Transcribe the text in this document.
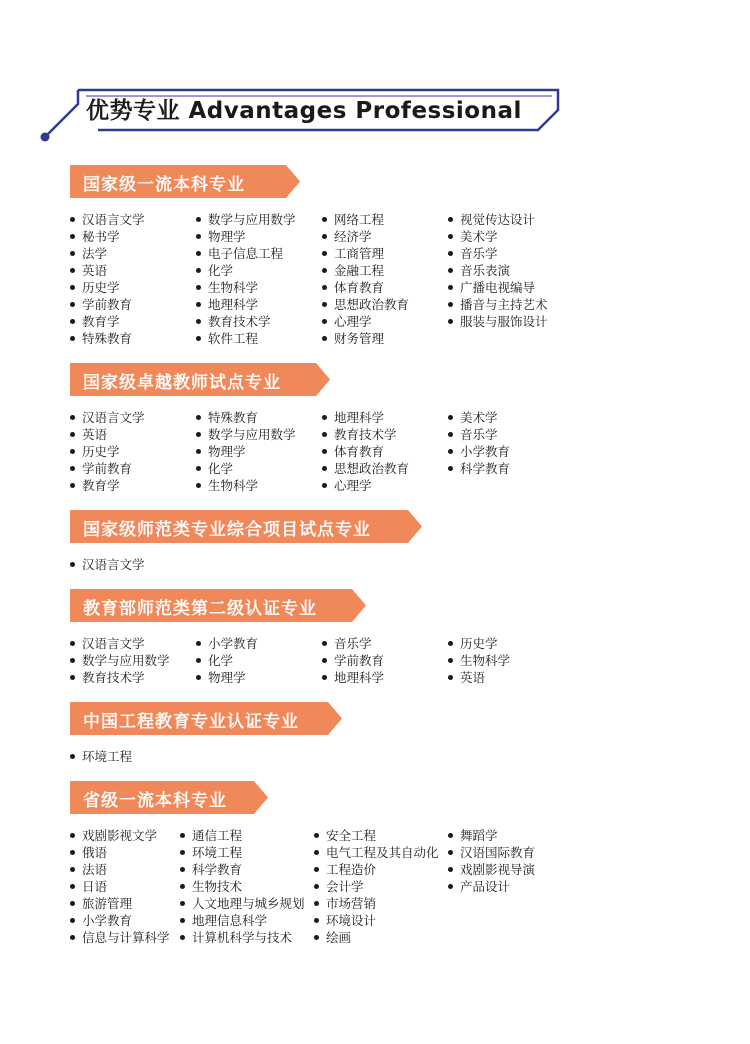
优势专业 Advantages Professional
国家级一流本科专业
汉语言文学
秘书学
法学
英语
历史学
学前教育
教育学
特殊教育
数学与应用数学
物理学
电子信息工程
化学
生物科学
地理科学
教育技术学
软件工程
网络工程
经济学
工商管理
金融工程
体育教育
思想政治教育
心理学
财务管理
视觉传达设计
美术学
音乐学
音乐表演
广播电视编导
播音与主持艺术
服装与服饰设计
国家级卓越教师试点专业
汉语言文学
英语
历史学
学前教育
教育学
特殊教育
数学与应用数学
物理学
化学
生物科学
地理科学
教育技术学
体育教育
思想政治教育
心理学
美术学
音乐学
小学教育
科学教育
国家级师范类专业综合项目试点专业
汉语言文学
教育部师范类第二级认证专业
汉语言文学
数学与应用数学
教育技术学
小学教育
化学
物理学
音乐学
学前教育
地理科学
历史学
生物科学
英语
中国工程教育专业认证专业
环境工程
省级一流本科专业
戏剧影视文学
俄语
法语
日语
旅游管理
小学教育
信息与计算科学
通信工程
环境工程
科学教育
生物技术
人文地理与城乡规划
地理信息科学
计算机科学与技术
安全工程
电气工程及其自动化
工程造价
会计学
市场营销
环境设计
绘画
舞蹈学
汉语国际教育
戏剧影视导演
产品设计
